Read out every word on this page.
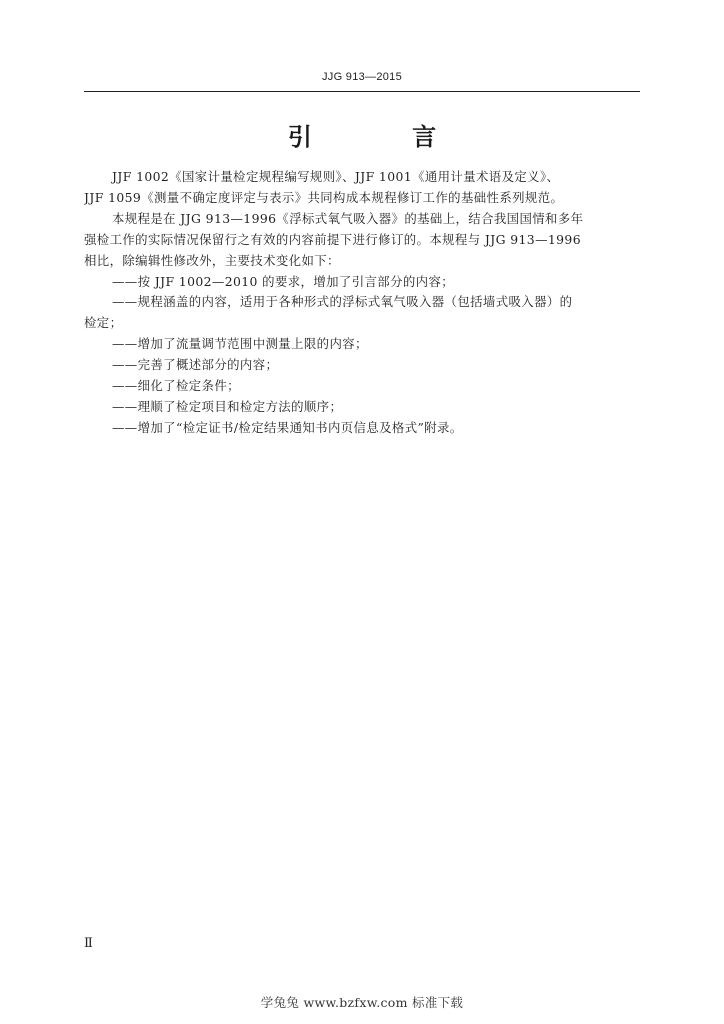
JJG 913—2015
引 言

JJF 1002《国家计量检定规程编写规则》、JJF 1001《通用计量术语及定义》、

JJF 1059《测量不确定度评定与表示》共同构成本规程修订工作的基础性系列规范。

本规程是在 JJG 913—1996《浮标式氧气吸入器》的基础上，结合我国国情和多年

强检工作的实际情况保留行之有效的内容前提下进行修订的。本规程与 JJG 913—1996

相比，除编辑性修改外，主要技术变化如下：

——按 JJF 1002—2010 的要求，增加了引言部分的内容；

——规程涵盖的内容，适用于各种形式的浮标式氧气吸入器（包括墙式吸入器）的

检定；

——增加了流量调节范围中测量上限的内容；

——完善了概述部分的内容；

——细化了检定条件；

——理顺了检定项目和检定方法的顺序；

——增加了“检定证书/检定结果通知书内页信息及格式”附录。

Ⅱ
学兔兔 www.bzfxw.com 标准下载
